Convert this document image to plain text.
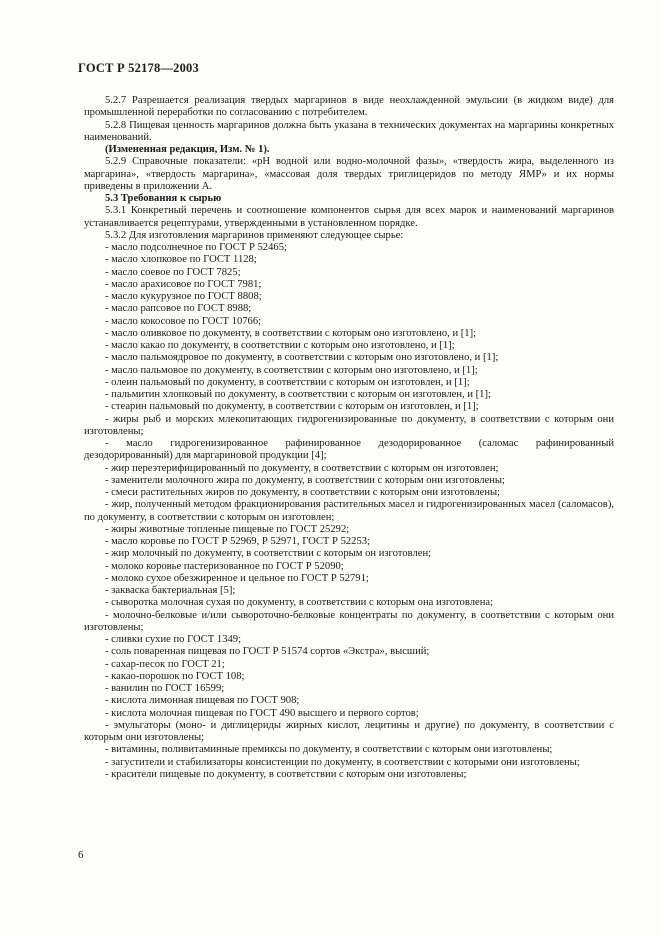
ГОСТ Р 52178—2003

5.2.7 Разрешается реализация твердых маргаринов в виде неохлажденной эмульсии (в жидком виде) для промышленной переработки по согласованию с потребителем.

5.2.8 Пищевая ценность маргаринов должна быть указана в технических документах на маргарины конкретных наименований.

(Измененная редакция, Изм. № 1).

5.2.9 Справочные показатели: «pH водной или водно-молочной фазы», «твердость жира, выделенного из маргарина», «твердость маргарина», «массовая доля твердых триглицеридов по методу ЯМР» и их нормы приведены в приложении А.

5.3 Требования к сырью

5.3.1 Конкретный перечень и соотношение компонентов сырья для всех марок и наименований маргаринов устанавливается рецептурами, утвержденными в установленном порядке.

5.3.2 Для изготовления маргаринов применяют следующее сырье:

- масло подсолнечное по ГОСТ Р 52465;

- масло хлопковое по ГОСТ 1128;

- масло соевое по ГОСТ 7825;

- масло арахисовое по ГОСТ 7981;

- масло кукурузное по ГОСТ 8808;

- масло рапсовое по ГОСТ 8988;

- масло кокосовое по ГОСТ 10766;

- масло оливковое по документу, в соответствии с которым оно изготовлено, и [1];

- масло какао по документу, в соответствии с которым оно изготовлено, и [1];

- масло пальмоядровое по документу, в соответствии с которым оно изготовлено, и [1];

- масло пальмовое по документу, в соответствии с которым оно изготовлено, и [1];

- олеин пальмовый по документу, в соответствии с которым он изготовлен, и [1];

- пальмитин хлопковый по документу, в соответствии с которым он изготовлен, и [1];

- стеарин пальмовый по документу, в соответствии с которым он изготовлен, и [1];

- жиры рыб и морских млекопитающих гидрогенизированные по документу, в соответствии с которым они изготовлены;

- масло гидрогенизированное рафинированное дезодорированное (саломас рафинированный дезодорированный) для маргариновой продукции [4];

- жир переэтерифицированный по документу, в соответствии с которым он изготовлен;

- заменители молочного жира по документу, в соответствии с которым они изготовлены;

- смеси растительных жиров по документу, в соответствии с которым они изготовлены;

- жир, полученный методом фракционирования растительных масел и гидрогенизированных масел (саломасов), по документу, в соответствии с которым он изготовлен;

- жиры животные топленые пищевые по ГОСТ 25292;

- масло коровье по ГОСТ Р 52969, Р 52971, ГОСТ Р 52253;

- жир молочный по документу, в соответствии с которым он изготовлен;

- молоко коровье пастеризованное по ГОСТ Р 52090;

- молоко сухое обезжиренное и цельное по ГОСТ Р 52791;

- закваска бактериальная [5];

- сыворотка молочная сухая по документу, в соответствии с которым она изготовлена;

- молочно-белковые и/или сывороточно-белковые концентраты по документу, в соответствии с которым они изготовлены;

- сливки сухие по ГОСТ 1349;

- соль поваренная пищевая по ГОСТ Р 51574 сортов «Экстра», высший;

- сахар-песок по ГОСТ 21;

- какао-порошок по ГОСТ 108;

- ванилин по ГОСТ 16599;

- кислота лимонная пищевая по ГОСТ 908;

- кислота молочная пищевая по ГОСТ 490 высшего и первого сортов;

- эмульгаторы (моно- и диглицериды жирных кислот, лецитины и другие) по документу, в соответствии с которым они изготовлены;

- витамины, поливитаминные премиксы по документу, в соответствии с которым они изготовлены;

- загустители и стабилизаторы консистенции по документу, в соответствии с которыми они изготовлены;

- красители пищевые по документу, в соответствии с которым они изготовлены;

6
